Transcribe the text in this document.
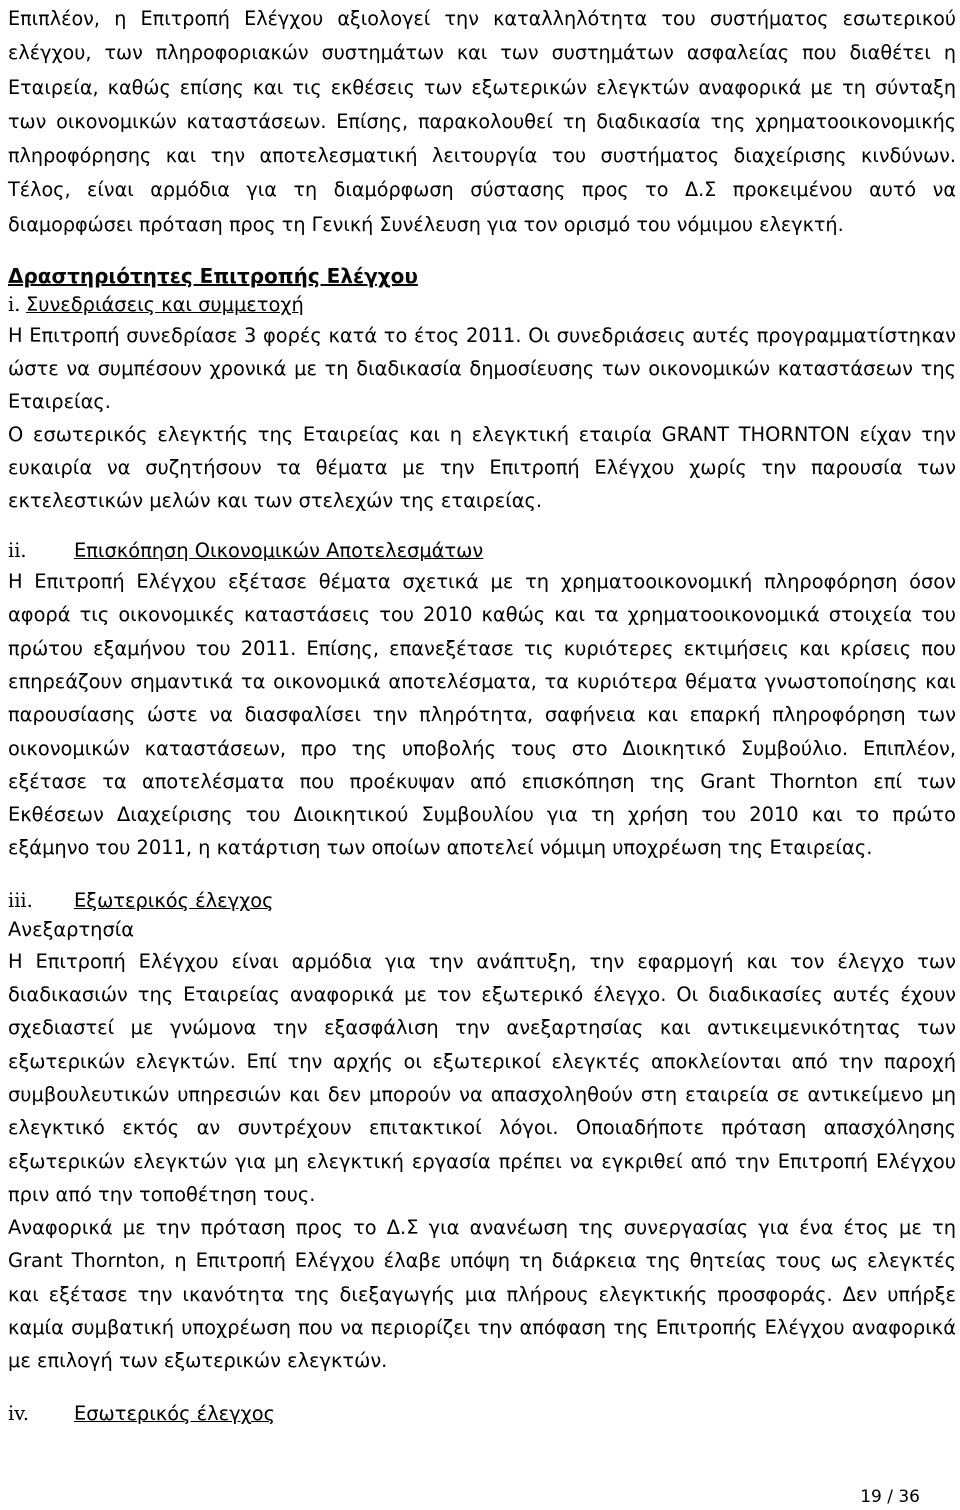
Επιπλέον, η Επιτροπή Ελέγχου αξιολογεί την καταλληλότητα του συστήματος εσωτερικού ελέγχου, των πληροφοριακών συστημάτων και των συστημάτων ασφαλείας που διαθέτει η Εταιρεία, καθώς επίσης και τις εκθέσεις των εξωτερικών ελεγκτών αναφορικά με τη σύνταξη των οικονομικών καταστάσεων. Επίσης, παρακολουθεί τη διαδικασία της χρηματοοικονομικής πληροφόρησης και την αποτελεσματική λειτουργία του συστήματος διαχείρισης κινδύνων. Τέλος, είναι αρμόδια για τη διαμόρφωση σύστασης προς το Δ.Σ προκειμένου αυτό να διαμορφώσει πρόταση προς τη Γενική Συνέλευση για τον ορισμό του νόμιμου ελεγκτή.

Δραστηριότητες Επιτροπής Ελέγχου
i. Συνεδριάσεις και συμμετοχή

Η Επιτροπή συνεδρίασε 3 φορές κατά το έτος 2011. Οι συνεδριάσεις αυτές προγραμματίστηκαν ώστε να συμπέσουν χρονικά με τη διαδικασία δημοσίευσης των οικονομικών καταστάσεων της Εταιρείας.

Ο εσωτερικός ελεγκτής της Εταιρείας και η ελεγκτική εταιρία GRANT THORNTON είχαν την ευκαιρία να συζητήσουν τα θέματα με την Επιτροπή Ελέγχου χωρίς την παρουσία των εκτελεστικών μελών και των στελεχών της εταιρείας.

ii.	Επισκόπηση Οικονομικών Αποτελεσμάτων

Η Επιτροπή Ελέγχου εξέτασε θέματα σχετικά με τη χρηματοοικονομική πληροφόρηση όσον αφορά τις οικονομικές καταστάσεις του 2010 καθώς και τα χρηματοοικονομικά στοιχεία του πρώτου εξαμήνου του 2011. Επίσης, επανεξέτασε τις κυριότερες εκτιμήσεις και κρίσεις που επηρεάζουν σημαντικά τα οικονομικά αποτελέσματα, τα κυριότερα θέματα γνωστοποίησης και παρουσίασης ώστε να διασφαλίσει την πληρότητα, σαφήνεια και επαρκή πληροφόρηση των οικονομικών καταστάσεων, προ της υποβολής τους στο Διοικητικό Συμβούλιο. Επιπλέον, εξέτασε τα αποτελέσματα που προέκυψαν από επισκόπηση της Grant Thornton επί των Εκθέσεων Διαχείρισης του Διοικητικού Συμβουλίου για τη χρήση του 2010 και το πρώτο εξάμηνο του 2011, η κατάρτιση των οποίων αποτελεί νόμιμη υποχρέωση της Εταιρείας.

iii.	Εξωτερικός έλεγχος
Ανεξαρτησία

Η Επιτροπή Ελέγχου είναι αρμόδια για την ανάπτυξη, την εφαρμογή και τον έλεγχο των διαδικασιών της Εταιρείας αναφορικά με τον εξωτερικό έλεγχο. Οι διαδικασίες αυτές έχουν σχεδιαστεί με γνώμονα την εξασφάλιση την ανεξαρτησίας και αντικειμενικότητας των εξωτερικών ελεγκτών. Επί την αρχής οι εξωτερικοί ελεγκτές αποκλείονται από την παροχή συμβουλευτικών υπηρεσιών και δεν μπορούν να απασχοληθούν στη εταιρεία σε αντικείμενο μη ελεγκτικό εκτός αν συντρέχουν επιτακτικοί λόγοι. Οποιαδήποτε πρόταση απασχόλησης εξωτερικών ελεγκτών για μη ελεγκτική εργασία πρέπει να εγκριθεί από την Επιτροπή Ελέγχου πριν από την τοποθέτηση τους.

Αναφορικά με την πρόταση προς το Δ.Σ για ανανέωση της συνεργασίας για ένα έτος με τη Grant Thornton, η Επιτροπή Ελέγχου έλαβε υπόψη τη διάρκεια της θητείας τους ως ελεγκτές και εξέτασε την ικανότητα της διεξαγωγής μια πλήρους ελεγκτικής προσφοράς. Δεν υπήρξε καμία συμβατική υποχρέωση που να περιορίζει την απόφαση της Επιτροπής Ελέγχου αναφορικά με επιλογή των εξωτερικών ελεγκτών.

iv.	Εσωτερικός έλεγχος
19 / 36
